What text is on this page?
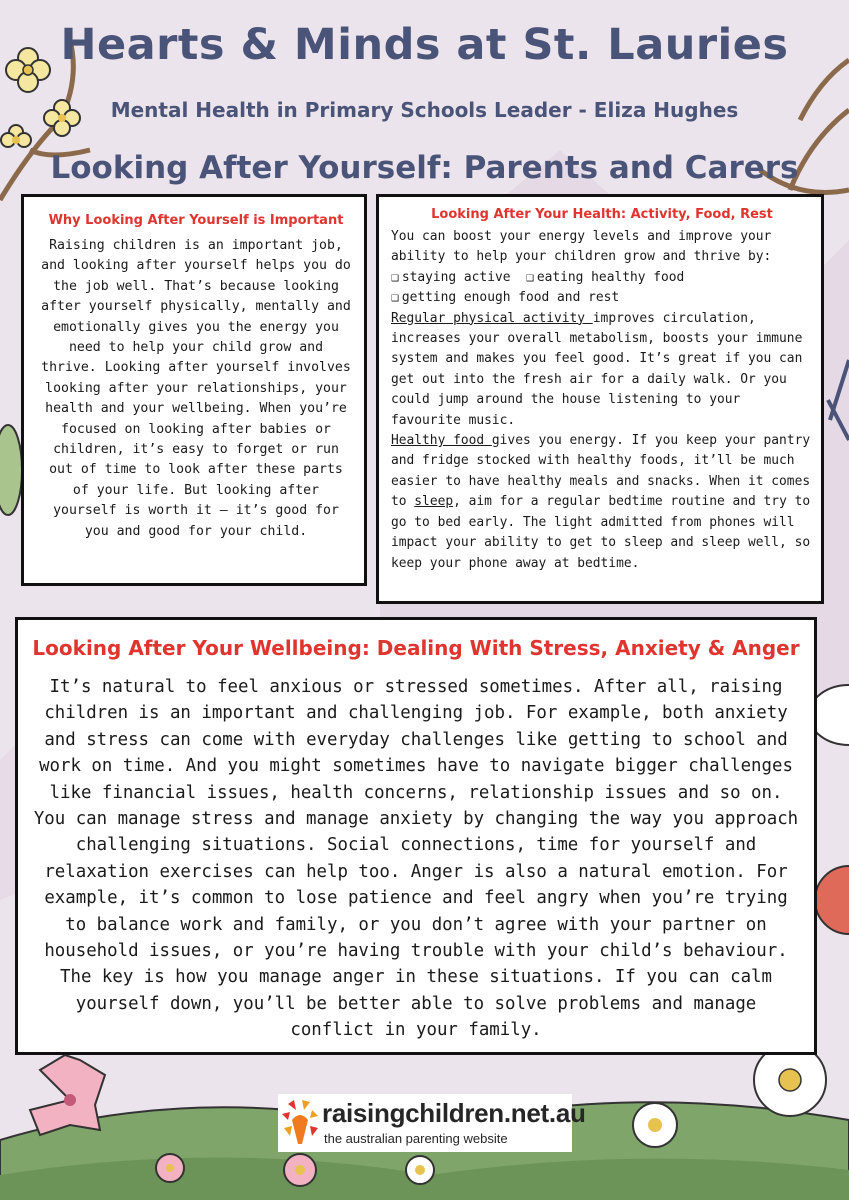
Hearts & Minds at St. Lauries
Mental Health in Primary Schools Leader - Eliza Hughes
Looking After Yourself: Parents and Carers
Why Looking After Yourself is Important

Raising children is an important job, and looking after yourself helps you do the job well. That’s because looking after yourself physically, mentally and emotionally gives you the energy you need to help your child grow and thrive. Looking after yourself involves looking after your relationships, your health and your wellbeing. When you’re focused on looking after babies or children, it’s easy to forget or run out of time to look after these parts of your life. But looking after yourself is worth it – it’s good for you and good for your child.

Looking After Your Health: Activity, Food, Rest

You can boost your energy levels and improve your ability to help your children grow and thrive by:
❑ staying active ❑ eating healthy food
❑ getting enough food and rest
Regular physical activity improves circulation, increases your overall metabolism, boosts your immune system and makes you feel good. It’s great if you can get out into the fresh air for a daily walk. Or you could jump around the house listening to your favourite music.
Healthy food gives you energy. If you keep your pantry and fridge stocked with healthy foods, it’ll be much easier to have healthy meals and snacks. When it comes to sleep, aim for a regular bedtime routine and try to go to bed early. The light admitted from phones will impact your ability to get to sleep and sleep well, so keep your phone away at bedtime.

Looking After Your Wellbeing: Dealing With Stress, Anxiety & Anger

It’s natural to feel anxious or stressed sometimes. After all, raising children is an important and challenging job. For example, both anxiety and stress can come with everyday challenges like getting to school and work on time. And you might sometimes have to navigate bigger challenges like financial issues, health concerns, relationship issues and so on. You can manage stress and manage anxiety by changing the way you approach challenging situations. Social connections, time for yourself and relaxation exercises can help too. Anger is also a natural emotion. For example, it’s common to lose patience and feel angry when you’re trying to balance work and family, or you don’t agree with your partner on household issues, or you’re having trouble with your child’s behaviour. The key is how you manage anger in these situations. If you can calm yourself down, you’ll be better able to solve problems and manage conflict in your family.

raisingchildren.net.au
the australian parenting website
